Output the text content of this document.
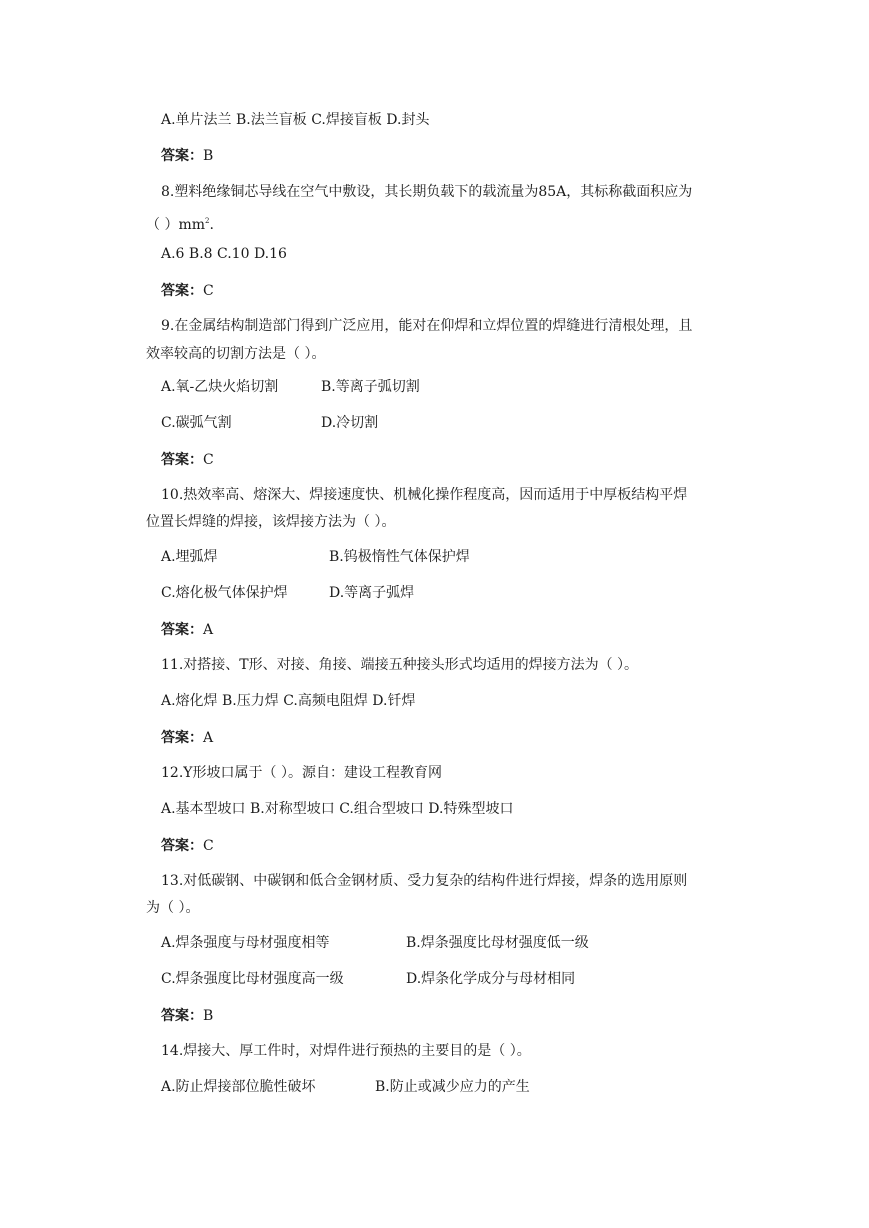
A.单片法兰 B.法兰盲板 C.焊接盲板 D.封头
答案：B
8.塑料绝缘铜芯导线在空气中敷设，其长期负载下的载流量为85A，其标称截面积应为
（ ）$mm^2$.
A.6 B.8 C.10 D.16
答案：C
9.在金属结构制造部门得到广泛应用，能对在仰焊和立焊位置的焊缝进行清根处理，且
效率较高的切割方法是（ ）。
A.氧-乙炔火焰切割	B.等离子弧切割
C.碳弧气割	D.冷切割
答案：C
10.热效率高、熔深大、焊接速度快、机械化操作程度高，因而适用于中厚板结构平焊
位置长焊缝的焊接，该焊接方法为（ ）。
A.埋弧焊	B.钨极惰性气体保护焊
C.熔化极气体保护焊	D.等离子弧焊
答案：A
11.对搭接、T形、对接、角接、端接五种接头形式均适用的焊接方法为（ ）。
A.熔化焊 B.压力焊 C.高频电阻焊 D.钎焊
答案：A
12.Y形坡口属于（ ）。源自：建设工程教育网
A.基本型坡口 B.对称型坡口 C.组合型坡口 D.特殊型坡口
答案：C
13.对低碳钢、中碳钢和低合金钢材质、受力复杂的结构件进行焊接，焊条的选用原则
为（ ）。
A.焊条强度与母材强度相等	B.焊条强度比母材强度低一级
C.焊条强度比母材强度高一级	D.焊条化学成分与母材相同
答案：B
14.焊接大、厚工件时，对焊件进行预热的主要目的是（ ）。
A.防止焊接部位脆性破坏	B.防止或减少应力的产生
